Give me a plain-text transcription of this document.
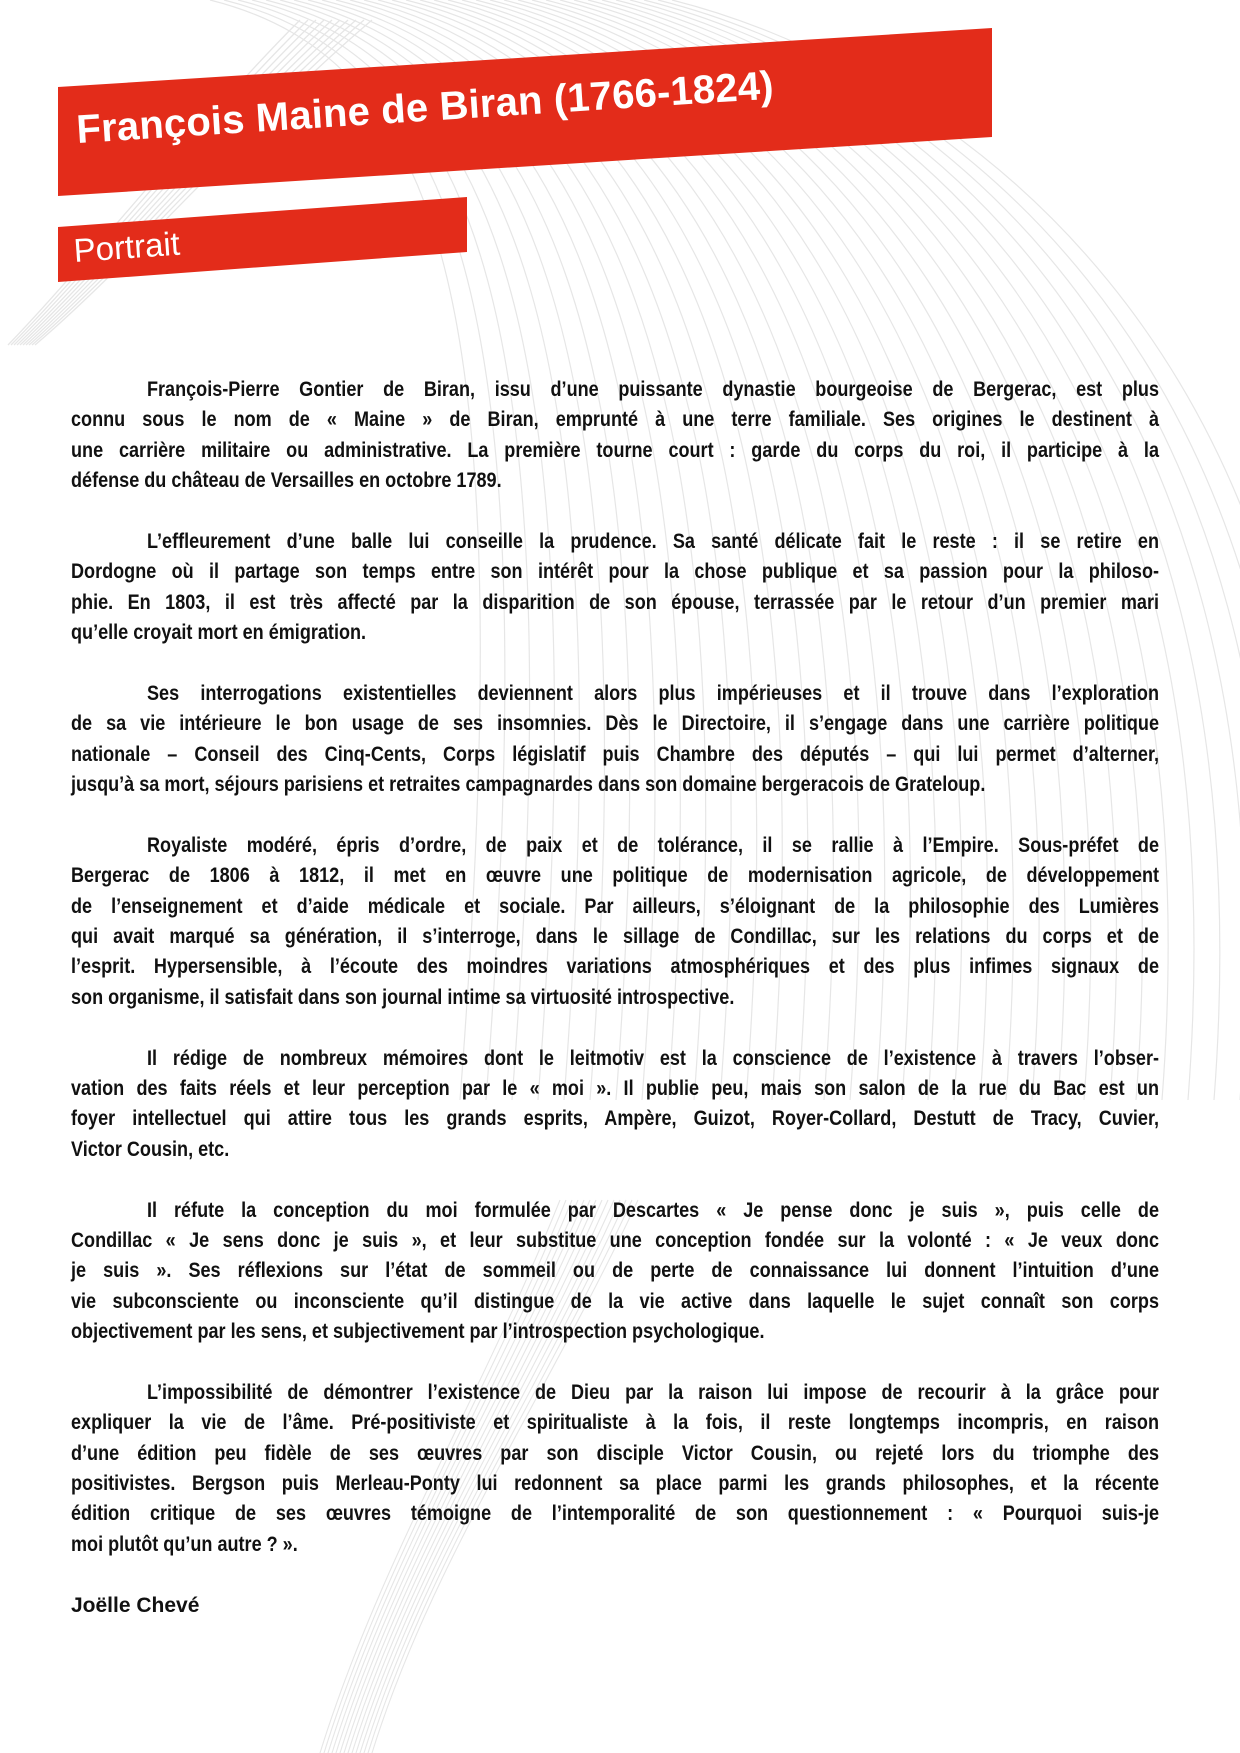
François Maine de Biran (1766-1824)
Portrait
François-Pierre Gontier de Biran, issu d’une puissante dynastie bourgeoise de Bergerac, est plus
connu sous le nom de « Maine » de Biran, emprunté à une terre familiale. Ses origines le destinent à
une carrière militaire ou administrative. La première tourne court : garde du corps du roi, il participe à la
défense du château de Versailles en octobre 1789.
L’effleurement d’une balle lui conseille la prudence. Sa santé délicate fait le reste : il se retire en
Dordogne où il partage son temps entre son intérêt pour la chose publique et sa passion pour la philoso-
phie. En 1803, il est très affecté par la disparition de son épouse, terrassée par le retour d’un premier mari
qu’elle croyait mort en émigration.
Ses interrogations existentielles deviennent alors plus impérieuses et il trouve dans l’exploration
de sa vie intérieure le bon usage de ses insomnies. Dès le Directoire, il s’engage dans une carrière politique
nationale – Conseil des Cinq-Cents, Corps législatif puis Chambre des députés – qui lui permet d’alterner,
jusqu’à sa mort, séjours parisiens et retraites campagnardes dans son domaine bergeracois de Grateloup.
Royaliste modéré, épris d’ordre, de paix et de tolérance, il se rallie à l’Empire. Sous-préfet de
Bergerac de 1806 à 1812, il met en œuvre une politique de modernisation agricole, de développement
de l’enseignement et d’aide médicale et sociale. Par ailleurs, s’éloignant de la philosophie des Lumières
qui avait marqué sa génération, il s’interroge, dans le sillage de Condillac, sur les relations du corps et de
l’esprit. Hypersensible, à l’écoute des moindres variations atmosphériques et des plus infimes signaux de
son organisme, il satisfait dans son journal intime sa virtuosité introspective.
Il rédige de nombreux mémoires dont le leitmotiv est la conscience de l’existence à travers l’obser-
vation des faits réels et leur perception par le « moi ». Il publie peu, mais son salon de la rue du Bac est un
foyer intellectuel qui attire tous les grands esprits, Ampère, Guizot, Royer-Collard, Destutt de Tracy, Cuvier,
Victor Cousin, etc.
Il réfute la conception du moi formulée par Descartes « Je pense donc je suis », puis celle de
Condillac « Je sens donc je suis », et leur substitue une conception fondée sur la volonté : « Je veux donc
je suis ». Ses réflexions sur l’état de sommeil ou de perte de connaissance lui donnent l’intuition d’une
vie subconsciente ou inconsciente qu’il distingue de la vie active dans laquelle le sujet connaît son corps
objectivement par les sens, et subjectivement par l’introspection psychologique.
L’impossibilité de démontrer l’existence de Dieu par la raison lui impose de recourir à la grâce pour
expliquer la vie de l’âme. Pré-positiviste et spiritualiste à la fois, il reste longtemps incompris, en raison
d’une édition peu fidèle de ses œuvres par son disciple Victor Cousin, ou rejeté lors du triomphe des
positivistes. Bergson puis Merleau-Ponty lui redonnent sa place parmi les grands philosophes, et la récente
édition critique de ses œuvres témoigne de l’intemporalité de son questionnement : « Pourquoi suis-je
moi plutôt qu’un autre ? ».
Joëlle Chevé
